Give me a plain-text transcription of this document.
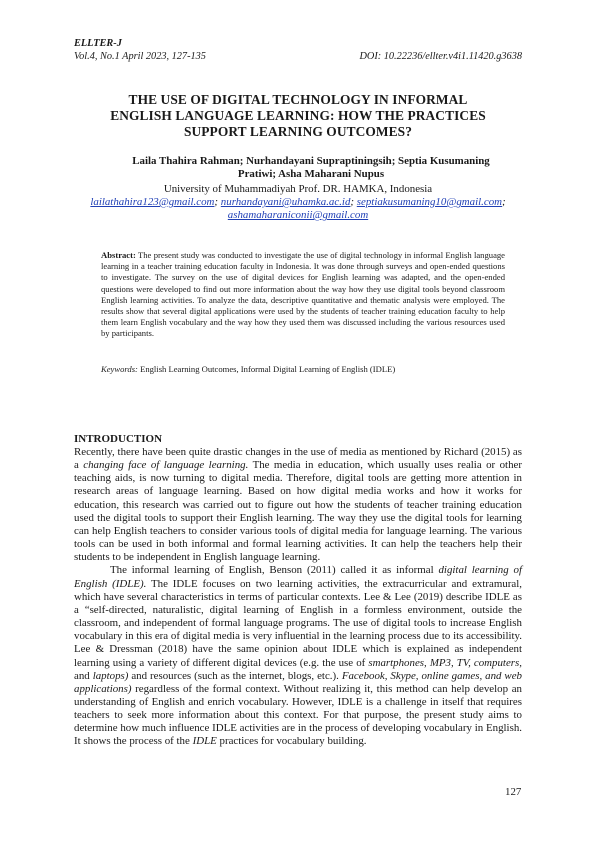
ELLTER-J
Vol.4, No.1 April 2023, 127-135	DOI: 10.22236/ellter.v4i1.11420.g3638
THE USE OF DIGITAL TECHNOLOGY IN INFORMAL
ENGLISH LANGUAGE LEARNING: HOW THE PRACTICES
SUPPORT LEARNING OUTCOMES?
Laila Thahira Rahman; Nurhandayani Supraptiningsih; Septia Kusumaning
Pratiwi; Asha Maharani Nupus
University of Muhammadiyah Prof. DR. HAMKA, Indonesia
lailathahira123@gmail.com; nurhandayani@uhamka.ac.id; septiakusumaning10@gmail.com;
ashamaharaniconii@gmail.com
Abstract: The present study was conducted to investigate the use of digital technology in informal English language learning in a teacher training education faculty in Indonesia. It was done through surveys and open-ended questions to investigate. The survey on the use of digital devices for English learning was adapted, and the open-ended questions were developed to find out more information about the way how they use digital tools beyond classroom English learning activities. To analyze the data, descriptive quantitative and thematic analysis were employed. The results show that several digital applications were used by the students of teacher training education faculty to help them learn English vocabulary and the way how they used them was discussed including the various resources used by participants.
Keywords: English Learning Outcomes, Informal Digital Learning of English (IDLE)
INTRODUCTION

Recently, there have been quite drastic changes in the use of media as mentioned by Richard (2015) as a changing face of language learning. The media in education, which usually uses realia or other teaching aids, is now turning to digital media. Therefore, digital tools are getting more attention in research areas of language learning. Based on how digital media works and how it works for education, this research was carried out to figure out how the students of teacher training education used the digital tools to support their English learning. The way they use the digital tools for learning can help English teachers to consider various tools of digital media for language learning. The various tools can be used in both informal and formal learning activities. It can help the teachers help their students to be independent in English language learning.

The informal learning of English, Benson (2011) called it as informal digital learning of English (IDLE). The IDLE focuses on two learning activities, the extracurricular and extramural, which have several characteristics in terms of particular contexts. Lee & Lee (2019) describe IDLE as a “self-directed, naturalistic, digital learning of English in a formless environment, outside the classroom, and independent of formal language programs. The use of digital tools to increase English vocabulary in this era of digital media is very influential in the learning process due to its accessibility. Lee & Dressman (2018) have the same opinion about IDLE which is explained as independent learning using a variety of different digital devices (e.g. the use of smartphones, MP3, TV, computers, and laptops) and resources (such as the internet, blogs, etc.). Facebook, Skype, online games, and web applications) regardless of the formal context. Without realizing it, this method can help develop an understanding of English and enrich vocabulary. However, IDLE is a challenge in itself that requires teachers to seek more information about this context. For that purpose, the present study aims to determine how much influence IDLE activities are in the process of developing vocabulary in English. It shows the process of the IDLE practices for vocabulary building.

127
